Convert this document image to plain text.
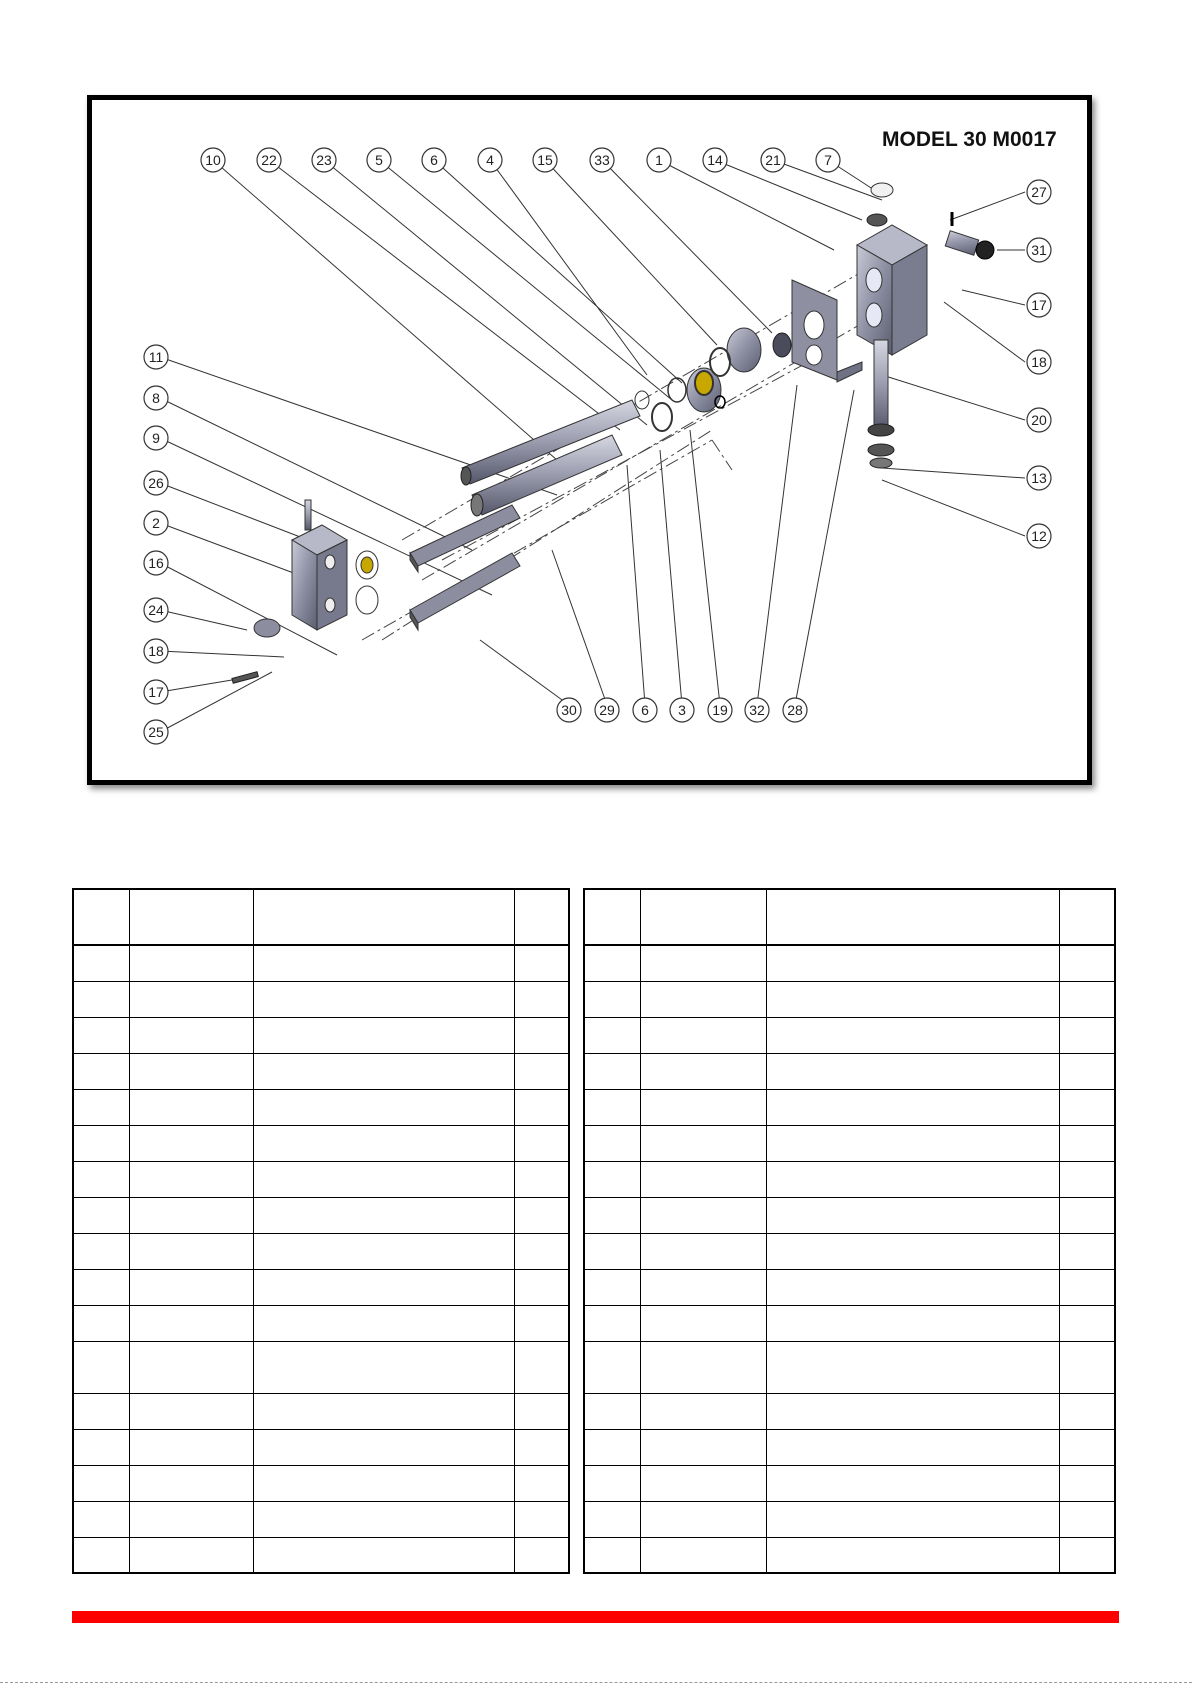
10	22	23	5	6	4	15	33	1	14	21	7
27
31
17
18
20
13
12
11
8
9
26
2
16
24
18
17
25
30 29 6 3 19 32 28
MODEL 30 M0017
